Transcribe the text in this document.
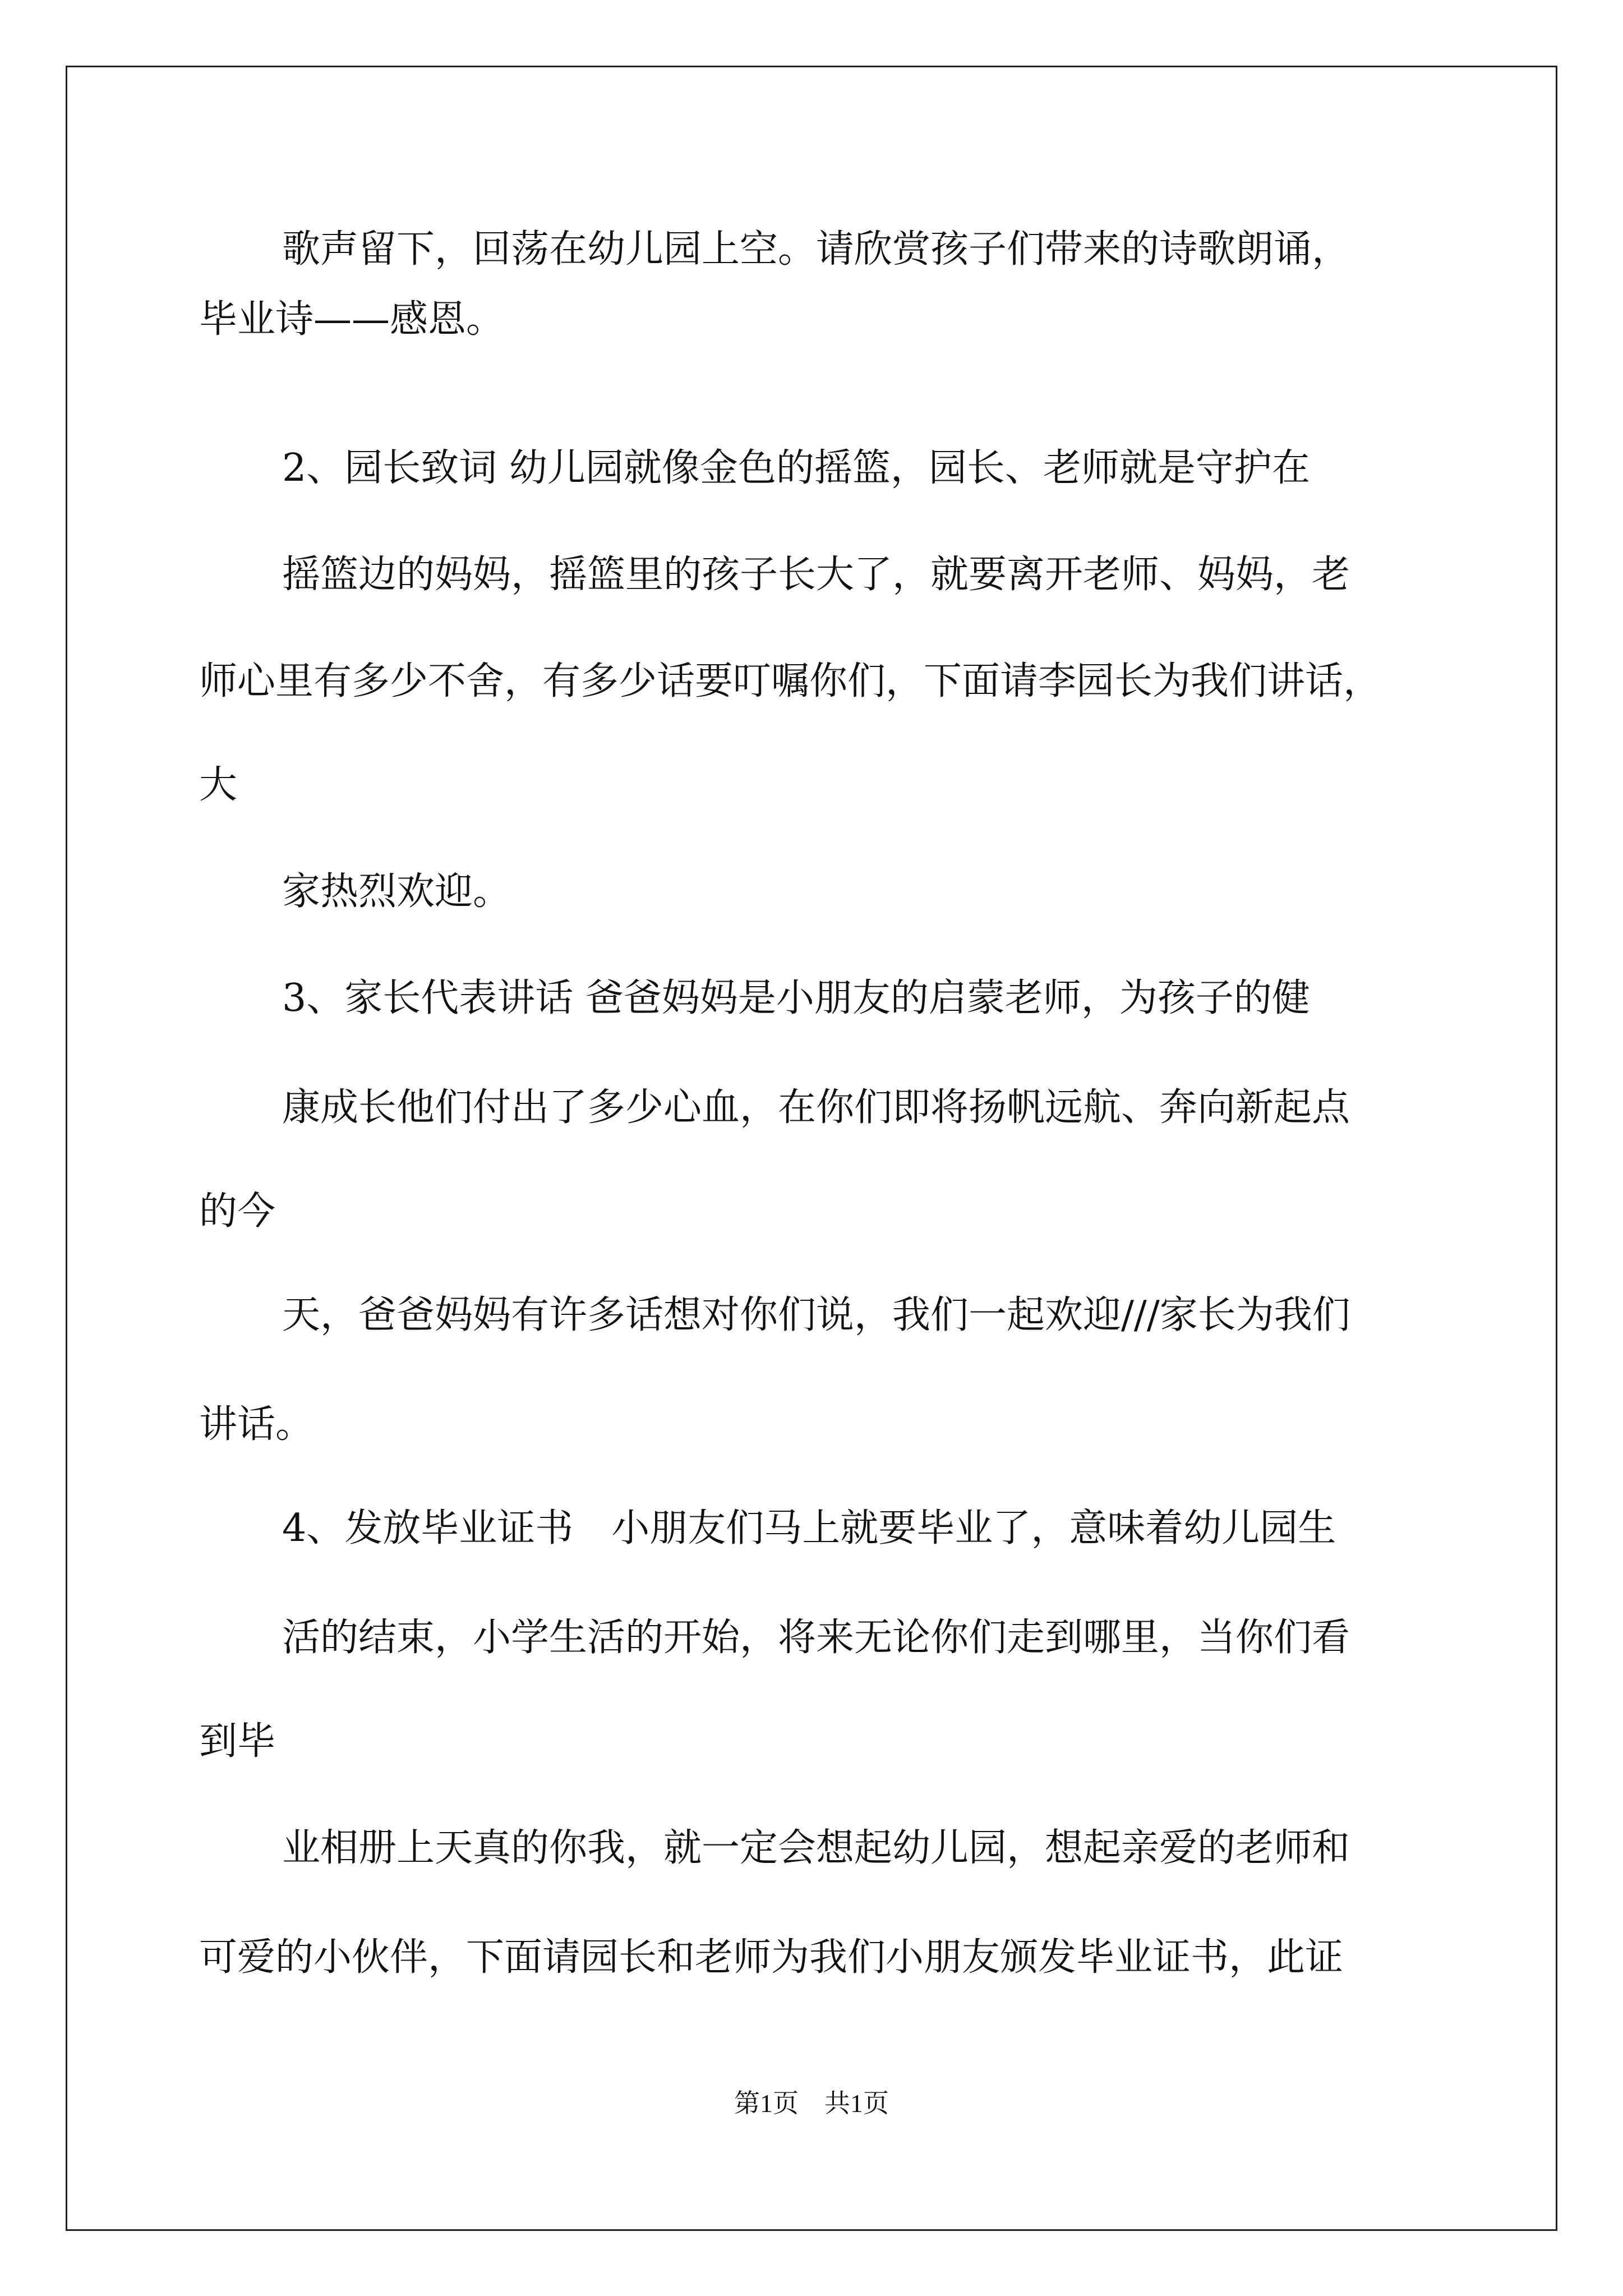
歌声留下，回荡在幼儿园上空。请欣赏孩子们带来的诗歌朗诵，
毕业诗——感恩。
2、园长致词 幼儿园就像金色的摇篮，园长、老师就是守护在
摇篮边的妈妈，摇篮里的孩子长大了，就要离开老师、妈妈，老
师心里有多少不舍，有多少话要叮嘱你们，下面请李园长为我们讲话，
大
家热烈欢迎。
3、家长代表讲话 爸爸妈妈是小朋友的启蒙老师，为孩子的健
康成长他们付出了多少心血，在你们即将扬帆远航、奔向新起点
的今
天，爸爸妈妈有许多话想对你们说，我们一起欢迎///家长为我们
讲话。
4、发放毕业证书　小朋友们马上就要毕业了，意味着幼儿园生
活的结束，小学生活的开始，将来无论你们走到哪里，当你们看
到毕
业相册上天真的你我，就一定会想起幼儿园，想起亲爱的老师和
可爱的小伙伴，下面请园长和老师为我们小朋友颁发毕业证书，此证
第1页　共1页
